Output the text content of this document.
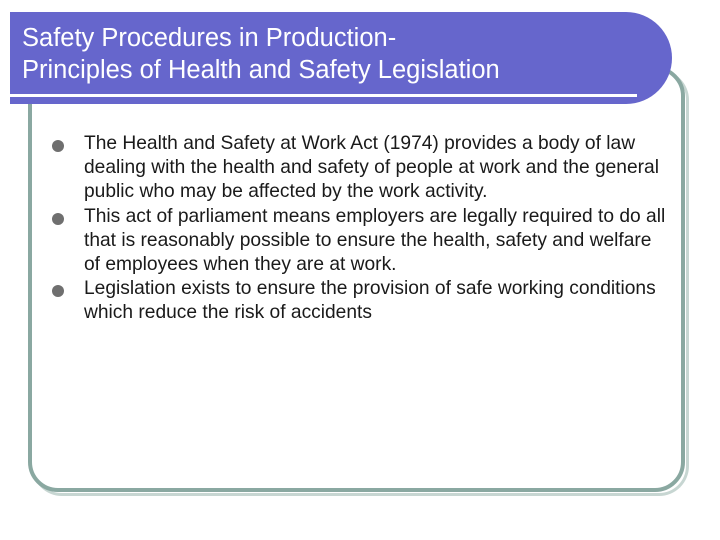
Safety Procedures in Production-
Principles of Health and Safety Legislation
The Health and Safety at Work Act (1974) provides a body of law dealing with the health and safety of people at work and the general public who may be affected by the work activity.
This act of parliament means employers are legally required to do all that is reasonably possible to ensure the health, safety and welfare of employees when they are at work.
Legislation exists to ensure the provision of safe working conditions which reduce the risk of accidents
